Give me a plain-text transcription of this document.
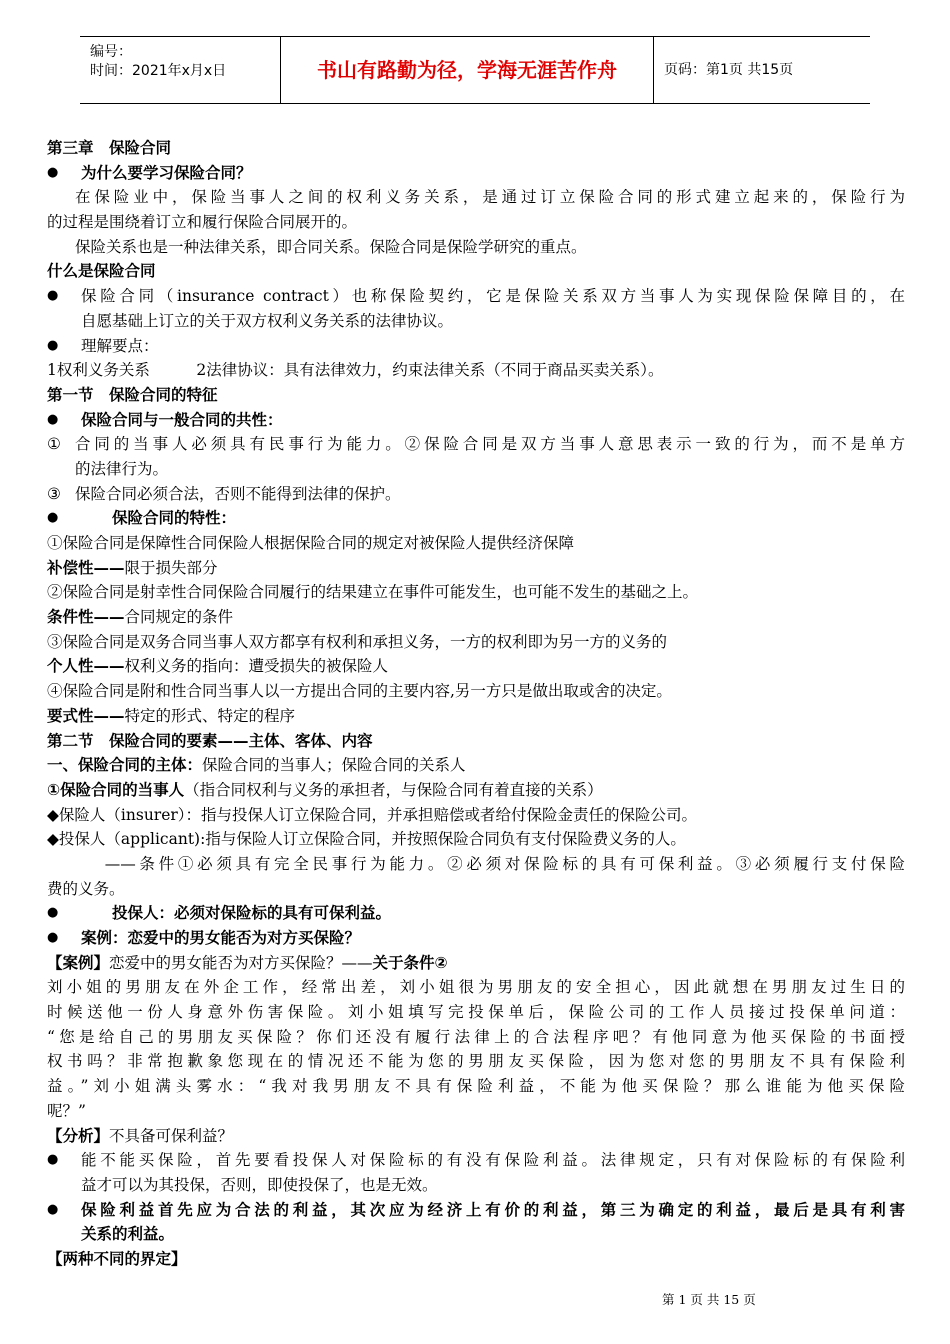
编号：
时间：2021年x月x日	书山有路勤为径，学海无涯苦作舟	页码：第1页 共15页
第三章　保险合同
● 为什么要学习保险合同？
在保险业中，保险当事人之间的权利义务关系，是通过订立保险合同的形式建立起来的，保险行为
的过程是围绕着订立和履行保险合同展开的。
保险关系也是一种法律关系，即合同关系。保险合同是保险学研究的重点。
什么是保险合同
● 保险合同（insurance contract）也称保险契约，它是保险关系双方当事人为实现保险保障目的，在
自愿基础上订立的关于双方权利义务关系的法律协议。
● 理解要点：
1权利义务关系　　　2法律协议：具有法律效力，约束法律关系（不同于商品买卖关系）。
第一节　保险合同的特征
● 保险合同与一般合同的共性：
① 合同的当事人必须具有民事行为能力。②保险合同是双方当事人意思表示一致的行为，而不是单方
的法律行为。
③ 保险合同必须合法，否则不能得到法律的保护。
● 　　保险合同的特性：
①保险合同是保障性合同保险人根据保险合同的规定对被保险人提供经济保障
补偿性——限于损失部分
②保险合同是射幸性合同保险合同履行的结果建立在事件可能发生，也可能不发生的基础之上。
条件性——合同规定的条件
③保险合同是双务合同当事人双方都享有权利和承担义务，一方的权利即为另一方的义务的
个人性——权利义务的指向：遭受损失的被保险人
④保险合同是附和性合同当事人以一方提出合同的主要内容,另一方只是做出取或舍的决定。
要式性——特定的形式、特定的程序
第二节　保险合同的要素——主体、客体、内容
一、保险合同的主体：保险合同的当事人；保险合同的关系人
①保险合同的当事人（指合同权利与义务的承担者，与保险合同有着直接的关系）
◆保险人（insurer）：指与投保人订立保险合同，并承担赔偿或者给付保险金责任的保险公司。
◆投保人（applicant):指与保险人订立保险合同，并按照保险合同负有支付保险费义务的人。
　　　——条件①必须具有完全民事行为能力。②必须对保险标的具有可保利益。③必须履行支付保险
费的义务。
● 　　投保人：必须对保险标的具有可保利益。
● 案例：恋爱中的男女能否为对方买保险？
【案例】恋爱中的男女能否为对方买保险？——关于条件②
刘小姐的男朋友在外企工作，经常出差，刘小姐很为男朋友的安全担心，因此就想在男朋友过生日的
时候送他一份人身意外伤害保险。刘小姐填写完投保单后，保险公司的工作人员接过投保单问道：
“您是给自己的男朋友买保险？你们还没有履行法律上的合法程序吧？有他同意为他买保险的书面授
权书吗？非常抱歉象您现在的情况还不能为您的男朋友买保险，因为您对您的男朋友不具有保险利
益。”刘小姐满头雾水：“我对我男朋友不具有保险利益，不能为他买保险？那么谁能为他买保险
呢？”
【分析】不具备可保利益？
● 能不能买保险，首先要看投保人对保险标的有没有保险利益。法律规定，只有对保险标的有保险利
益才可以为其投保，否则，即使投保了，也是无效。
● 保险利益首先应为合法的利益，其次应为经济上有价的利益，第三为确定的利益，最后是具有利害
关系的利益。
【两种不同的界定】
第 1 页 共 15 页
